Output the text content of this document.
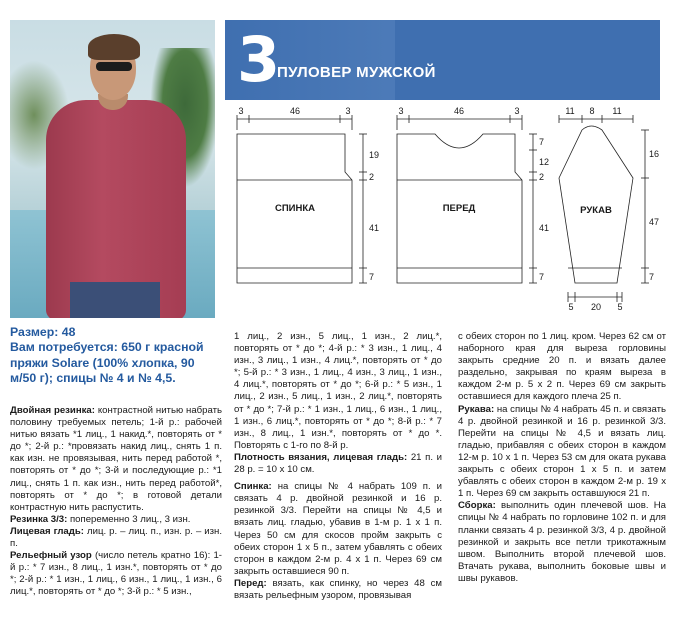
3
ПУЛОВЕР МУЖСКОЙ
СПИНКА	ПЕРЕД	РУКАВ
3	46	3	3	46	3	11 8 11
5 20 5
19
2
41
7
7
12
2
41
7
16
47
7
Размер: 48
Вам потребуется: 650 г красной пряжи Solare (100% хлопка, 90 м/50 г); спицы № 4 и № 4,5.

Двойная резинка: контрастной нитью набрать половину требуемых петель; 1-й р.: рабочей нитью вязать *1 лиц., 1 накид.*, повторять от * до *; 2-й р.: *провязать накид лиц., снять 1 п. как изн. не провязывая, нить перед работой *, повторять от * до *; 3-й и последующие р.: *1 лиц., снять 1 п. как изн., нить перед работой*, повторять от * до *; в готовой детали контрастную нить распустить.

Резинка 3/3: попеременно 3 лиц., 3 изн.

Лицевая гладь: лиц. р. – лиц. п., изн. р. – изн. п.

Рельефный узор (число петель кратно 16): 1-й р.: * 7 изн., 8 лиц., 1 изн.*, повторять от * до *; 2-й р.: * 1 изн., 1 лиц., 6 изн., 1 лиц., 1 изн., 6 лиц.*, повторять от * до *; 3-й р.: * 5 изн.,

1 лиц., 2 изн., 5 лиц., 1 изн., 2 лиц.*, повторять от * до *; 4-й р.: * 3 изн., 1 лиц., 4 изн., 3 лиц., 1 изн., 4 лиц.*, повторять от * до *; 5-й р.: * 3 изн., 1 лиц., 4 изн., 3 лиц., 1 изн., 4 лиц.*, повторять от * до *; 6-й р.: * 5 изн., 1 лиц., 2 изн., 5 лиц., 1 изн., 2 лиц.*, повторять от * до *; 7-й р.: * 1 изн., 1 лиц., 6 изн., 1 лиц., 1 изн., 6 лиц.*, повторять от * до *; 8-й р.: * 7 изн., 8 лиц., 1 изн.*, повторять от * до *. Повторять с 1-го по 8-й р.

Плотность вязания, лицевая гладь: 21 п. и 28 р. = 10 х 10 см.

Спинка: на спицы № 4 набрать 109 п. и связать 4 р. двойной резинкой и 16 р. резинкой 3/3. Перейти на спицы № 4,5 и вязать лиц. гладью, убавив в 1-м р. 1 х 1 п. Через 50 см для скосов пройм закрыть с обеих сторон 1 х 5 п., затем убавлять с обеих сторон в каждом 2-м р. 4 х 1 п. Через 69 см закрыть оставшиеся 90 п.

Перед: вязать, как спинку, но через 48 см вязать рельефным узором, провязывая

с обеих сторон по 1 лиц. кром. Через 62 см от наборного края для выреза горловины закрыть средние 20 п. и вязать далее раздельно, закрывая по краям выреза в каждом 2-м р. 5 х 2 п. Через 69 см закрыть оставшиеся для каждого плеча 25 п.

Рукава: на спицы № 4 набрать 45 п. и связать 4 р. двойной резинкой и 16 р. резинкой 3/3. Перейти на спицы № 4,5 и вязать лиц. гладью, прибавляя с обеих сторон в каждом 12-м р. 10 х 1 п. Через 53 см для оката рукава закрыть с обеих сторон 1 х 5 п. и затем убавлять с обеих сторон в каждом 2-м р. 19 х 1 п. Через 69 см закрыть оставшуюся 21 п.

Сборка: выполнить один плечевой шов. На спицы № 4 набрать по горловине 102 п. и для планки связать 4 р. резинкой 3/3, 4 р. двойной резинкой и закрыть все петли трикотажным швом. Выполнить второй плечевой шов. Втачать рукава, выполнить боковые швы и швы рукавов.
